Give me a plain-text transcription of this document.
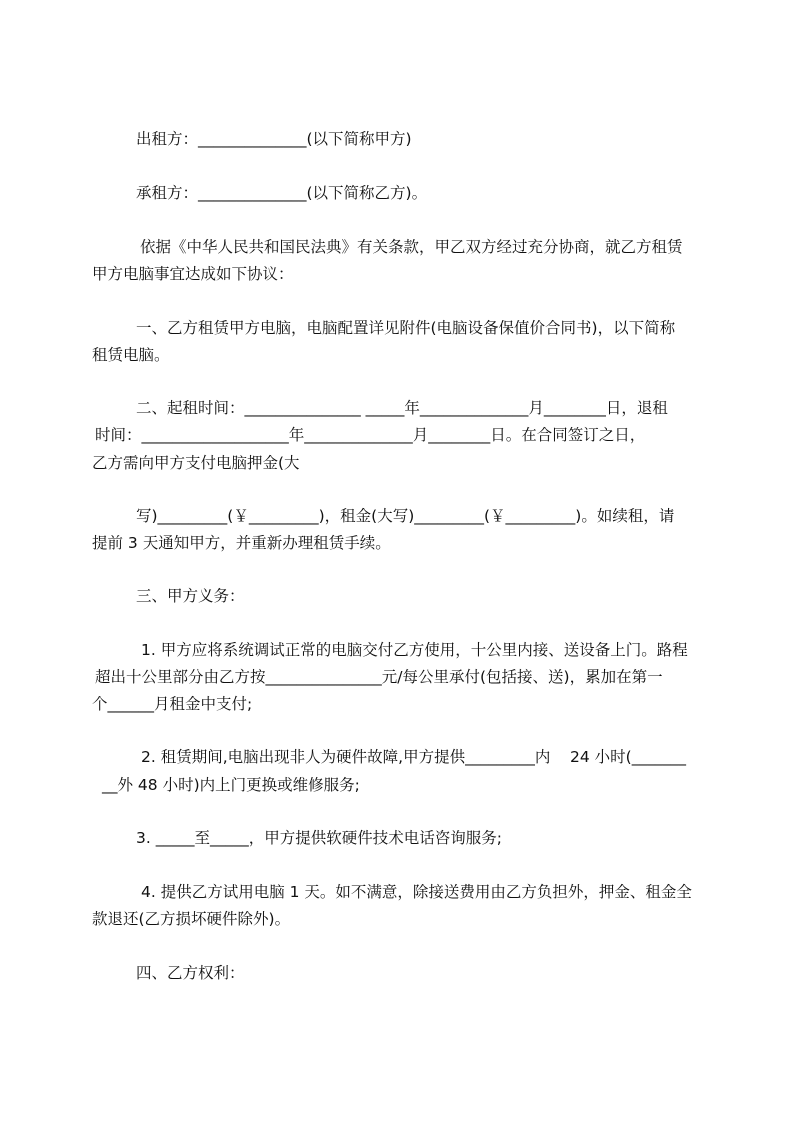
出租方：______________(以下简称甲方)
承租方：______________(以下简称乙方)。
依据《中华人民共和国民法典》有关条款，甲乙双方经过充分协商，就乙方租赁
甲方电脑事宜达成如下协议：
一、乙方租赁甲方电脑，电脑配置详见附件(电脑设备保值价合同书)，以下简称
租赁电脑。
二、起租时间：_______________ _____年______________月________日，退租
时间：___________________年______________月________日。在合同签订之日，
乙方需向甲方支付电脑押金(大
写)_________(￥_________)，租金(大写)_________(￥_________)。如续租，请
提前 3 天通知甲方，并重新办理租赁手续。
三、甲方义务：
1. 甲方应将系统调试正常的电脑交付乙方使用，十公里内接、送设备上门。路程
超出十公里部分由乙方按_______________元/每公里承付(包括接、送)，累加在第一
个______月租金中支付;
2. 租赁期间,电脑出现非人为硬件故障,甲方提供_________内    24 小时(_______
__外 48 小时)内上门更换或维修服务;
3. _____至_____，甲方提供软硬件技术电话咨询服务;
4. 提供乙方试用电脑 1 天。如不满意，除接送费用由乙方负担外，押金、租金全
款退还(乙方损坏硬件除外)。
四、乙方权利：
